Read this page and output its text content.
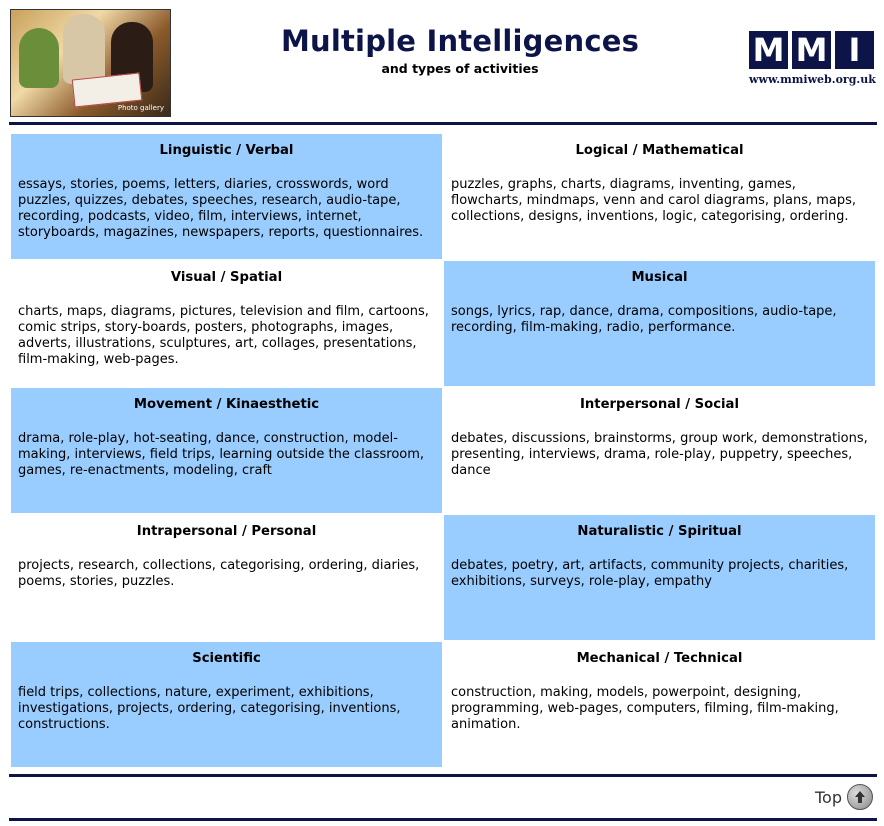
Photo gallery
Multiple Intelligences
and types of activities	M M I
www.mmiweb.org.uk
Linguistic / Verbal
essays, stories, poems, letters, diaries, crosswords, word puzzles, quizzes, debates, speeches, research, audio-tape, recording, podcasts, video, film, interviews, internet, storyboards, magazines, newspapers, reports, questionnaires.
Logical / Mathematical
puzzles, graphs, charts, diagrams, inventing, games, flowcharts, mindmaps, venn and carol diagrams, plans, maps, collections, designs, inventions, logic, categorising, ordering.
Visual / Spatial
charts, maps, diagrams, pictures, television and film, cartoons, comic strips, story-boards, posters, photographs, images, adverts, illustrations, sculptures, art, collages, presentations, film-making, web-pages.
Musical
songs, lyrics, rap, dance, drama, compositions, audio-tape, recording, film-making, radio, performance.
Movement / Kinaesthetic
drama, role-play, hot-seating, dance, construction, model-making, interviews, field trips, learning outside the classroom, games, re-enactments, modeling, craft
Interpersonal / Social
debates, discussions, brainstorms, group work, demonstrations, presenting, interviews, drama, role-play, puppetry, speeches, dance
Intrapersonal / Personal
projects, research, collections, categorising, ordering, diaries, poems, stories, puzzles.
Naturalistic / Spiritual
debates, poetry, art, artifacts, community projects, charities, exhibitions, surveys, role-play, empathy
Scientific
field trips, collections, nature, experiment, exhibitions, investigations, projects, ordering, categorising, inventions, constructions.
Mechanical / Technical
construction, making, models, powerpoint, designing, programming, web-pages, computers, filming, film-making, animation.
Top
